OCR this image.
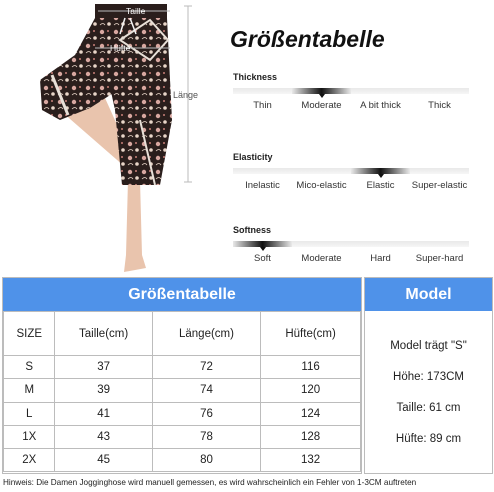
Taille
Hüfte
Länge
Größentabelle
Thickness
Thin	Moderate	A bit thick	Thick
Elasticity
Inelastic	Mico-elastic	Elastic	Super-elastic
Softness
Soft	Moderate	Hard	Super-hard
Größentabelle
SIZE	Taille(cm)	Länge(cm)	Hüfte(cm)
S	37	72	116
M	39	74	120
L	41	76	124
1X	43	78	128
2X	45	80	132
Model
Model trägt "S"
Höhe: 173CM
Taille: 61 cm
Hüfte: 89 cm
Hinweis: Die Damen Jogginghose wird manuell gemessen, es wird wahrscheinlich ein Fehler von 1-3CM auftreten
